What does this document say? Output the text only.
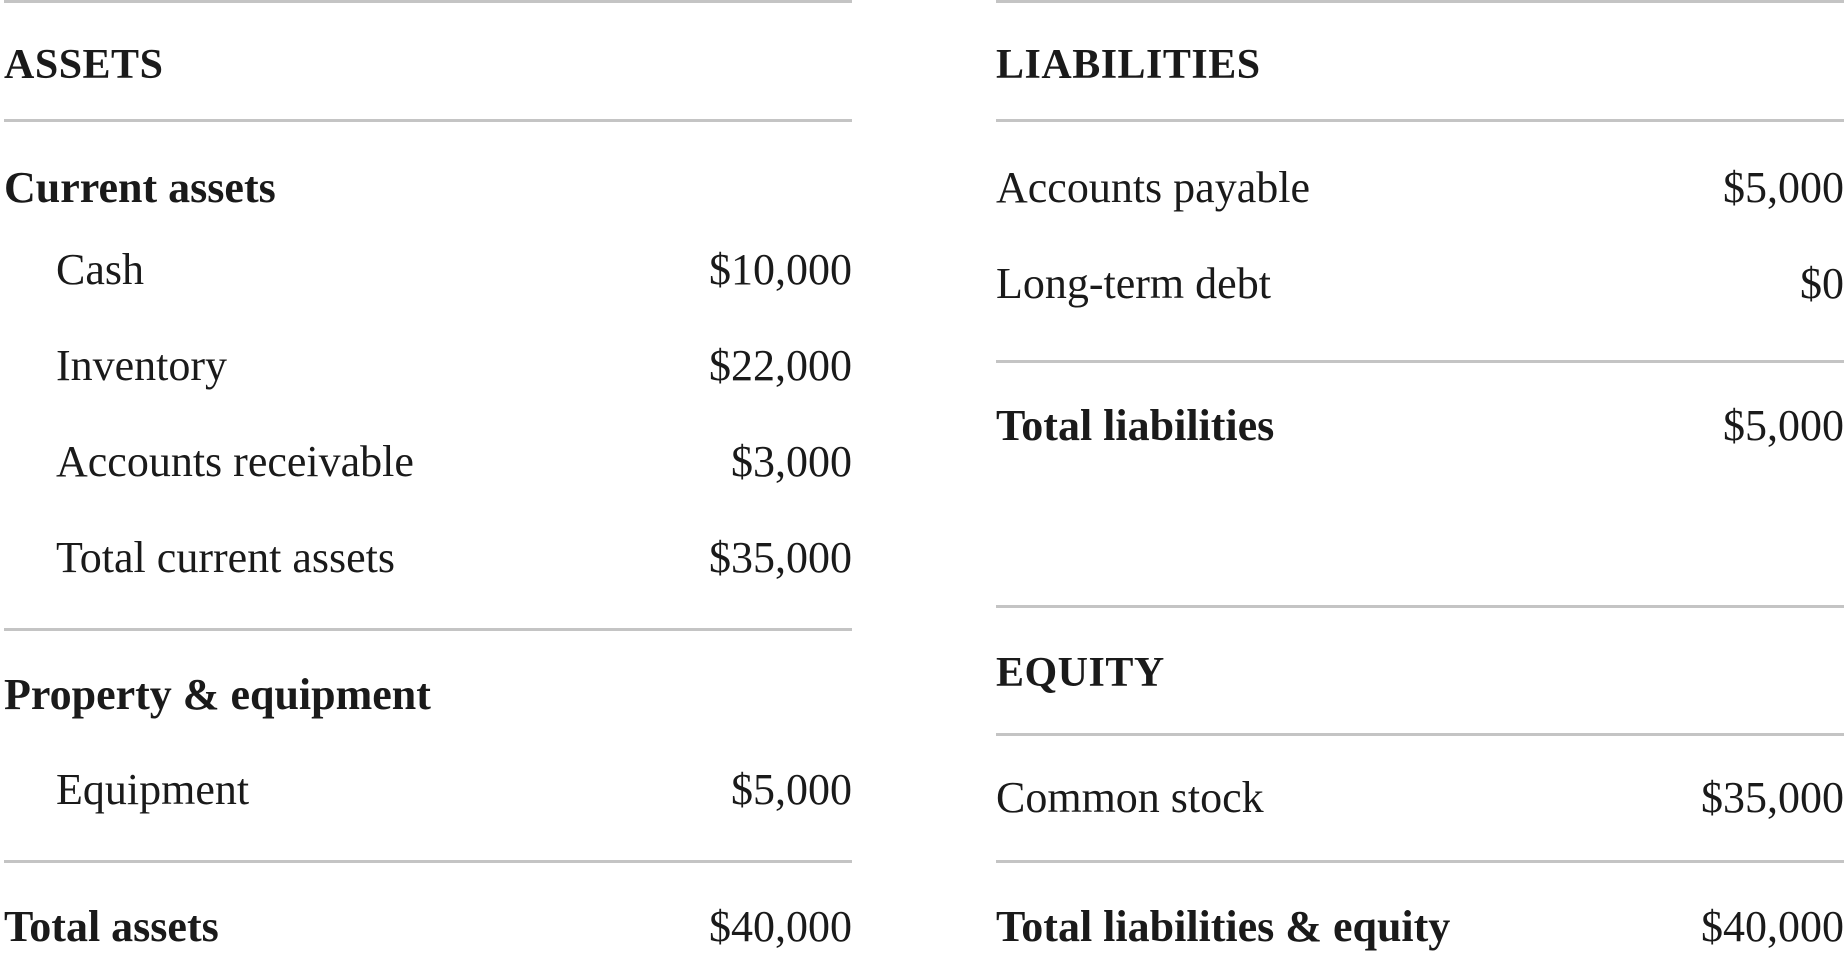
ASSETS
Current assets
Cash	$10,000
Inventory	$22,000
Accounts receivable	$3,000
Total current assets	$35,000
Property & equipment
Equipment	$5,000
Total assets	$40,000
LIABILITIES
Accounts payable	$5,000
Long-term debt	$0
Total liabilities	$5,000
EQUITY
Common stock	$35,000
Total liabilities & equity	$40,000
